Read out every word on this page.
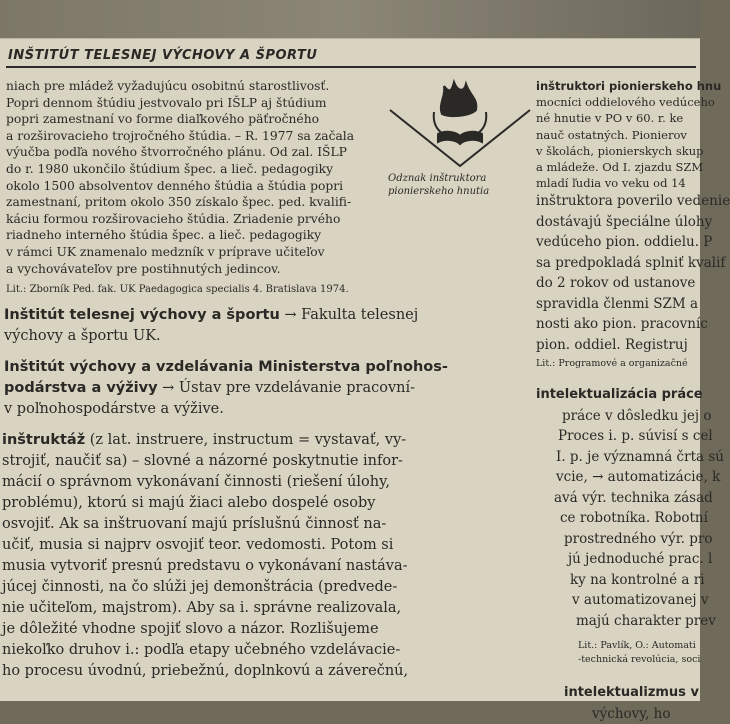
INŠTITÚT TELESNEJ VÝCHOVY A ŠPORTU
Odznak inštruktora
pionierskeho hnutia
niach pre mládež vyžadujúcu osobitnú starostlivosť.
Popri dennom štúdiu jestvovalo pri IŠLP aj štúdium
popri zamestnaní vo forme diaľkového päťročného
a rozširovacieho trojročného štúdia. – R. 1977 sa začala
výučba podľa nového štvorročného plánu. Od zal. IŠLP
do r. 1980 ukončilo štúdium špec. a lieč. pedagogiky
okolo 1500 absolventov denného štúdia a štúdia popri
zamestnaní, pritom okolo 350 získalo špec. ped. kvalifi-
káciu formou rozširovacieho štúdia. Zriadenie prvého
riadneho interného štúdia špec. a lieč. pedagogiky
v rámci UK znamenalo medzník v príprave učiteľov
a vychovávateľov pre postihnutých jedincov.
Lit.: Zborník Ped. fak. UK Paedagogica specialis 4. Bratislava 1974.
Inštitút telesnej výchovy a športu → Fakulta telesnej
výchovy a športu UK.
Inštitút výchovy a vzdelávania Ministerstva poľnohos-
podárstva a výživy → Ústav pre vzdelávanie pracovní-
v poľnohospodárstve a výžive.
inštruktáž (z lat. instruere, instructum = vystavať, vy-
strojiť, naučiť sa) – slovné a názorné poskytnutie infor-
mácií o správnom vykonávaní činnosti (riešení úlohy,
problému), ktorú si majú žiaci alebo dospelé osoby
osvojiť. Ak sa inštruovaní majú príslušnú činnosť na-
učiť, musia si najprv osvojiť teor. vedomosti. Potom si
musia vytvoriť presnú predstavu o vykonávaní nastáva-
júcej činnosti, na čo slúži jej demonštrácia (predvede-
nie učiteľom, majstrom). Aby sa i. správne realizovala,
je dôležité vhodne spojiť slovo a názor. Rozlišujeme
niekoľko druhov i.: podľa etapy učebného vzdelávacie-
ho procesu úvodnú, priebežnú, doplnkovú a záverečnú,
inštruktori pionierskeho hnu
mocníci oddielového vedúceho
né hnutie v PO v 60. r. ke
nauč ostatných. Pionierov
v školách, pionierskych skup
a mládeže. Od I. zjazdu SZM
mladí ľudia vo veku od 14
inštruktora poverilo vedenie
dostávajú špeciálne úlohy
vedúceho pion. oddielu. P
sa predpokladá splniť kvalif
do 2 rokov od ustanove
spravidla členmi SZM a
nosti ako pion. pracovníc
pion. oddiel. Registruj
Lit.: Programové a organizačné
intelektualizácia práce
práce v dôsledku jej o
Proces i. p. súvisí s cel
I. p. je významná črta sú
vcie, → automatizácie, k
avá výr. technika zásad
ce robotníka. Robotní
prostredného výr. pro
jú jednoduché prac. l
ky na kontrolné a ri
v automatizovanej v
majú charakter prev
Lit.: Pavlík, O.: Automati
-technická revolúcia, soci
intelektualizmus v
výchovy, ho
